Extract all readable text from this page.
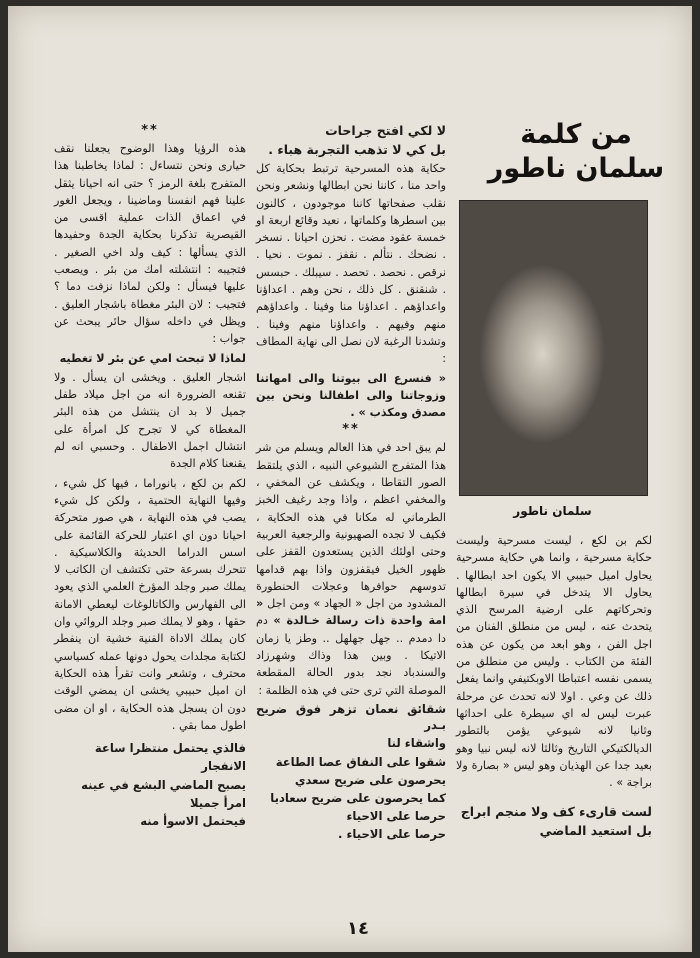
من كلمة
سلمان ناطور
سلمان ناطور

لكم بن لكع ، ليست مسرحية وليست حكاية مسرحية ، وانما هي حكاية مسرحية يحاول اميل حبيبي الا يكون احد ابطالها . يحاول الا يتدخل في سيرة ابطالها وتحركاتهم على ارضية المرسح الذي يتحدث عنه ، ليس من منطلق الفنان من اجل الفن ، وهو ابعد من يكون عن هذه الفئة من الكتاب . وليس من منطلق من يسمى نفسه اعتباطا الاوبكتيفي وانما يفعل ذلك عن وعي . اولا لانه تحدث عن مرحلة عبرت ليس له اي سيطرة على احداثها وثانيا لانه شيوعي يؤمن بالتطور الديالكتيكي التاريخ وثالثا لانه ليس نبيا وهو بعيد جدا عن الهذيان وهو ليس « بصارة ولا براجة » .

لست قارىء كف ولا منجم ابراج

بل استعيد الماضي

لا لكي افتح جراحات

بل كي لا تذهب التجربة هباء .

حكاية هذه المسرحية ترتبط بحكاية كل واحد منا ، كاننا نحن ابطالها ونشعر ونحن نقلب صفحاتها كاننا موجودون ، كالنون بين اسطرها وكلماتها ، نعيد وقائع اربعة او خمسة عقود مضت . نحزن احيانا . نسخر . نضحك . نتألم . نقفز . نموت . نحيا . نرقص . نحصد . تحصد . سيبلك . حبسس . شنقنق . كل ذلك ، نحن وهم . اعداؤنا واعداؤهم . اعداؤنا منا وفينا . واعداؤهم منهم وفيهم . واعداؤنا منهم وفينا . وتشدنا الرغبة لان نصل الى نهاية المطاف :

« فنسرع الى بيوتنا والى امهاتنا وزوجاتنا والى اطفالنا ونحن بين مصدق ومكذب » .

**

لم يبق احد في هذا العالم ويسلم من شر هذا المتفرج الشيوعي النبيه ، الذي يلتقط الصور التقاطا ، ويكشف عن المخفي ، والمخفي اعظم ، واذا وجد رغيف الخبز الطرماني له مكانا في هذه الحكاية ، فكيف لا تجده الصهيونية والرجعية العربية وحتى اولئك الذين يستعدون القفز على ظهور الخيل فيقفزون واذا بهم قدامها تدوسهم حوافرها وعجلات الحنطورة المشدود من اجل « الجهاد » ومن اجل « امة واحدة ذات رسالة خـالدة » دم دا دمدم .. جهل جهلهل .. وطز يا زمان الاتيكا . وبين هذا وذاك وشهرزاد والسندباد نجد بدور الحالة المقطعة الموصلة التي ترى حتى في هذه الظلمة :

شقائق نعمان تزهر فوق ضريح بـدر

واشقاء لنا

شقوا على النفاق عصا الطاعة

يحرصون على ضريح سعدي

كما يحرصون على ضريح سعاديا

حرصا على الاحياء

حرصا على الاحياء .

**

هذه الرؤيا وهذا الوضوح يجعلنا نقف حيارى ونحن نتساءل : لماذا يخاطبنا هذا المتفرج بلغة الرمز ؟ حتى انه احيانا يثقل علينا فهم انفسنا وماضينا ، ويجعل الغور في اعماق الذات عملية اقسى من القيصرية تذكرنا بحكاية الجدة وحفيدها الذي يسألها : كيف ولد اخي الصغير . فتجيبه : انتشلته امك من بئر . ويصعب عليها فيسأل : ولكن لماذا نزفت دما ؟ فتجيب : لان البئر مغطاة باشجار العليق . ويظل في داخله سؤال حائر يبحث عن جواب :

لماذا لا تبحث امي عن بئر لا تغطيه

اشجار العليق . ويخشى ان يسأل . ولا تقنعه الضرورة انه من اجل ميلاد طفل جميل لا بد ان ينتشل من هذه البئر المغطاة كي لا تجرح كل امرأة على انتشال اجمل الاطفال . وحسبي انه لم يقنعنا كلام الجدة

لكم بن لكع ، بانوراما ، فيها كل شيء ، وفيها النهاية الحتمية ، ولكن كل شيء يصب في هذه النهاية ، هي صور متحركة احيانا دون اي اعتبار للحركة القائمة على اسس الدراما الحديثة والكلاسيكية . تتحرك بسرعة حتى تكتشف ان الكاتب لا يملك صبر وجلد المؤرخ العلمي الذي يعود الى الفهارس والكاتالوغات ليعطي الامانة حقها ، وهو لا يملك صبر وجلد الروائي وان كان يملك الاداة الفنية خشية ان ينفطر لكتابة مجلدات يحول دونها عمله كسياسي محترف ، وتشعر وانت تقرأ هذه الحكاية ان اميل حبيبي يخشى ان يمضي الوقت دون ان يسجل هذه الحكاية ، او ان مضى اطول مما بقي .

فالذي يحتمل منتظرا ساعة

الانفجار

يصبح الماضي البشع في عينه

امرأ جميلا

فيحتمل الاسوأ منه

١٤
